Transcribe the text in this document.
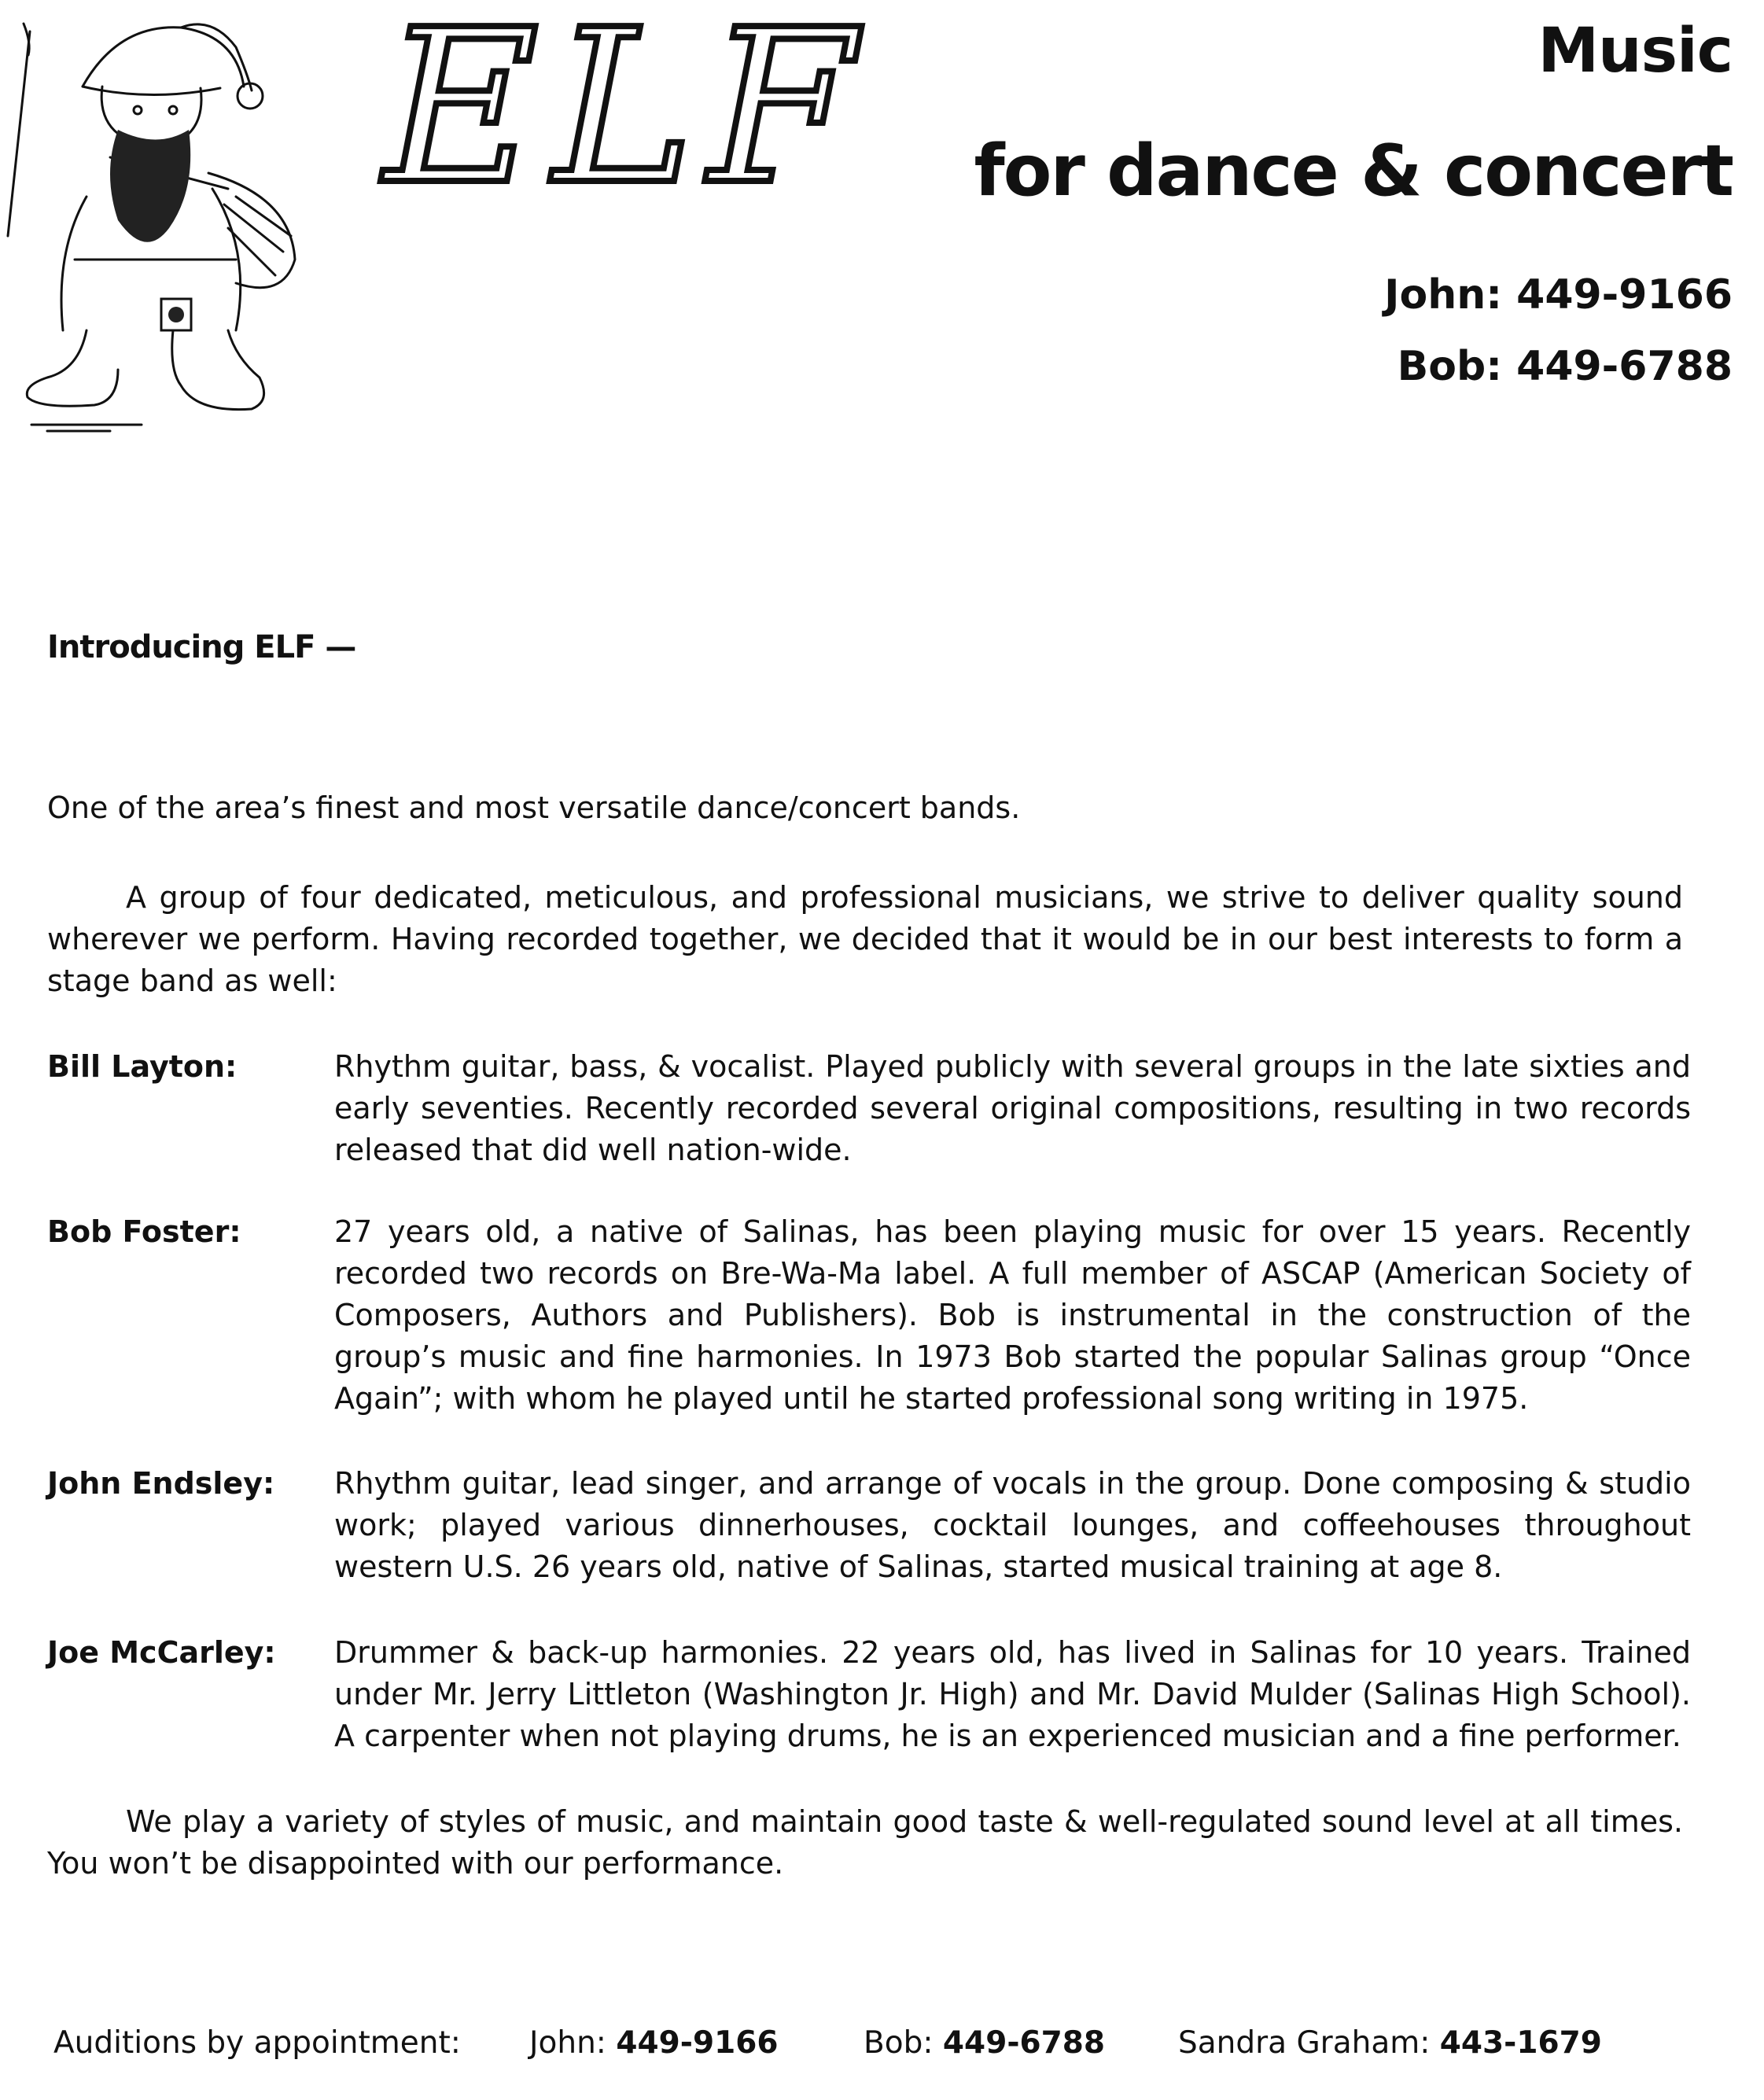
ELF	Music
for dance & concert
John: 449-9166
Bob: 449-6788
Introducing ELF —
One of the area’s finest and most versatile dance/concert bands.
A group of four dedicated, meticulous, and professional musicians, we strive to deliver quality sound wherever we perform. Having recorded together, we decided that it would be in our best interests to form a stage band as well:
Bill Layton:	Rhythm guitar, bass, & vocalist. Played publicly with several groups in the late sixties and early seventies. Recently recorded several original compositions, resulting in two records released that did well nation-wide.
Bob Foster:	27 years old, a native of Salinas, has been playing music for over 15 years. Recently recorded two records on Bre-Wa-Ma label. A full member of ASCAP (American Society of Composers, Authors and Publishers). Bob is instrumental in the construction of the group’s music and fine harmonies. In 1973 Bob started the popular Salinas group “Once Again”; with whom he played until he started professional song writing in 1975.
John Endsley: Rhythm guitar, lead singer, and arrange of vocals in the group. Done composing & studio work; played various dinnerhouses, cocktail lounges, and coffeehouses throughout western U.S. 26 years old, native of Salinas, started musical training at age 8.
Joe McCarley: Drummer & back-up harmonies. 22 years old, has lived in Salinas for 10 years. Trained under Mr. Jerry Littleton (Washington Jr. High) and Mr. David Mulder (Salinas High School). A carpenter when not playing drums, he is an experienced musician and a fine performer.
We play a variety of styles of music, and maintain good taste & well-regulated sound level at all times. You won’t be disappointed with our performance.
Auditions by appointment: John: 449-9166	Bob: 449-6788 Sandra Graham: 443-1679
